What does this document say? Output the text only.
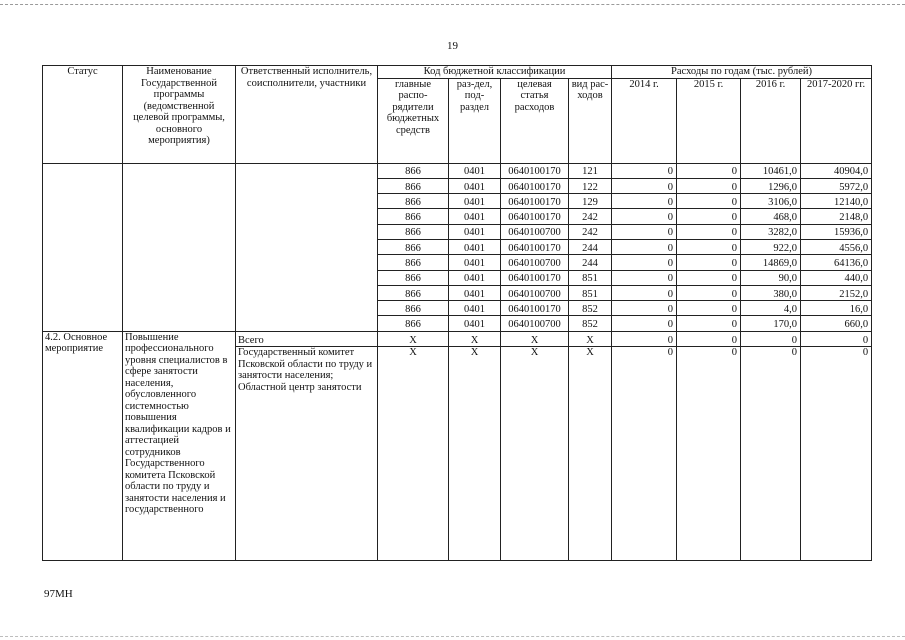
19
Статус	Наименование Государственной программы (ведомственной целевой программы, основного мероприятия)	Ответственный исполнитель, соисполнители, участники	Код бюджетной классификации				Расходы по годам (тыс. рублей)			
			главные распо-рядители бюджетных средств	раз-дел, под-раздел	целевая статья расходов	вид рас-ходов	2014 г.	2015 г.	2016 г.	2017-2020 гг.
			866	0401	0640100170	121	0	0	10461,0	40904,0
			866	0401	0640100170	122	0	0	1296,0	5972,0
			866	0401	0640100170	129	0	0	3106,0	12140,0
			866	0401	0640100170	242	0	0	468,0	2148,0
			866	0401	0640100700	242	0	0	3282,0	15936,0
			866	0401	0640100170	244	0	0	922,0	4556,0
			866	0401	0640100700	244	0	0	14869,0	64136,0
			866	0401	0640100170	851	0	0	90,0	440,0
			866	0401	0640100700	851	0	0	380,0	2152,0
			866	0401	0640100170	852	0	0	4,0	16,0
			866	0401	0640100700	852	0	0	170,0	660,0
4.2. Основное мероприятие	Повышение профессионального уровня специалистов в сфере занятости населения, обусловленного системностью повышения квалификации кадров и аттестацией сотрудников Государственного комитета Псковской области по труду и занятости населения и государственного	Всего	X	X	X	X	0	0	0	0
		Государственный комитет Псковской области по труду и занятости населения; Областной центр занятости	X	X	X	X	0	0	0	0
97МН
